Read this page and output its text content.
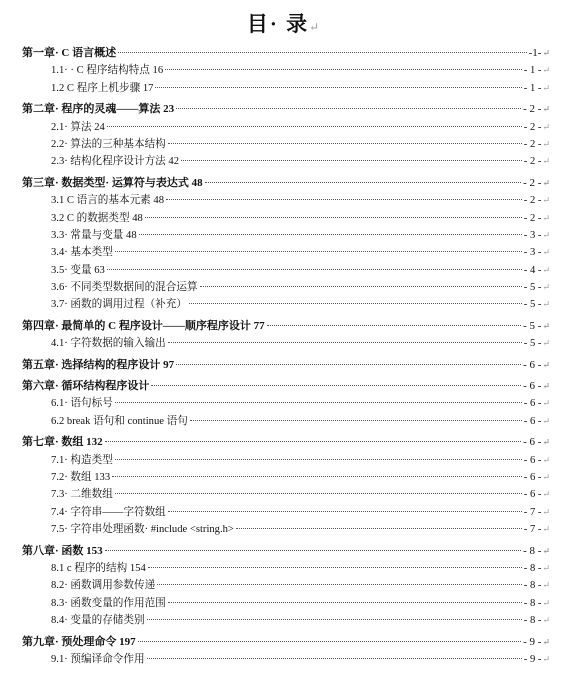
目· 录↵
第一章· C 语言概述	-1- ↵
1.1· · C 程序结构特点 16	- 1 - ↵
1.2 C 程序上机步骤 17	- 1 - ↵
第二章· 程序的灵魂——算法 23	- 2 - ↵
2.1· 算法 24	- 2 - ↵
2.2· 算法的三种基本结构	- 2 - ↵
2.3· 结构化程序设计方法 42	- 2 - ↵
第三章· 数据类型· 运算符与表达式 48	- 2 - ↵
3.1 C 语言的基本元素 48	- 2 - ↵
3.2 C 的数据类型 48	- 2 - ↵
3.3· 常量与变量 48	- 3 - ↵
3.4· 基本类型	- 3 - ↵
3.5· 变量 63	- 4 - ↵
3.6· 不同类型数据间的混合运算	- 5 - ↵
3.7· 函数的调用过程（补充）	- 5 - ↵
第四章· 最简单的 C 程序设计——顺序程序设计 77	- 5 - ↵
4.1· 字符数据的输入输出	- 5 - ↵
第五章· 选择结构的程序设计 97	- 6 - ↵
第六章· 循环结构程序设计	- 6 - ↵
6.1· 语句标号	- 6 - ↵
6.2 break 语句和 continue 语句	- 6 - ↵
第七章· 数组 132	- 6 - ↵
7.1· 构造类型	- 6 - ↵
7.2· 数组 133	- 6 - ↵
7.3· 二维数组	- 6 - ↵
7.4· 字符串——字符数组	- 7 - ↵
7.5· 字符串处理函数· #include <string.h>	- 7 - ↵
第八章· 函数 153	- 8 - ↵
8.1 c 程序的结构 154	- 8 - ↵
8.2· 函数调用参数传递	- 8 - ↵
8.3· 函数变量的作用范围	- 8 - ↵
8.4· 变量的存储类别	- 8 - ↵
第九章· 预处理命令 197	- 9 - ↵
9.1· 预编译命令作用	- 9 - ↵
